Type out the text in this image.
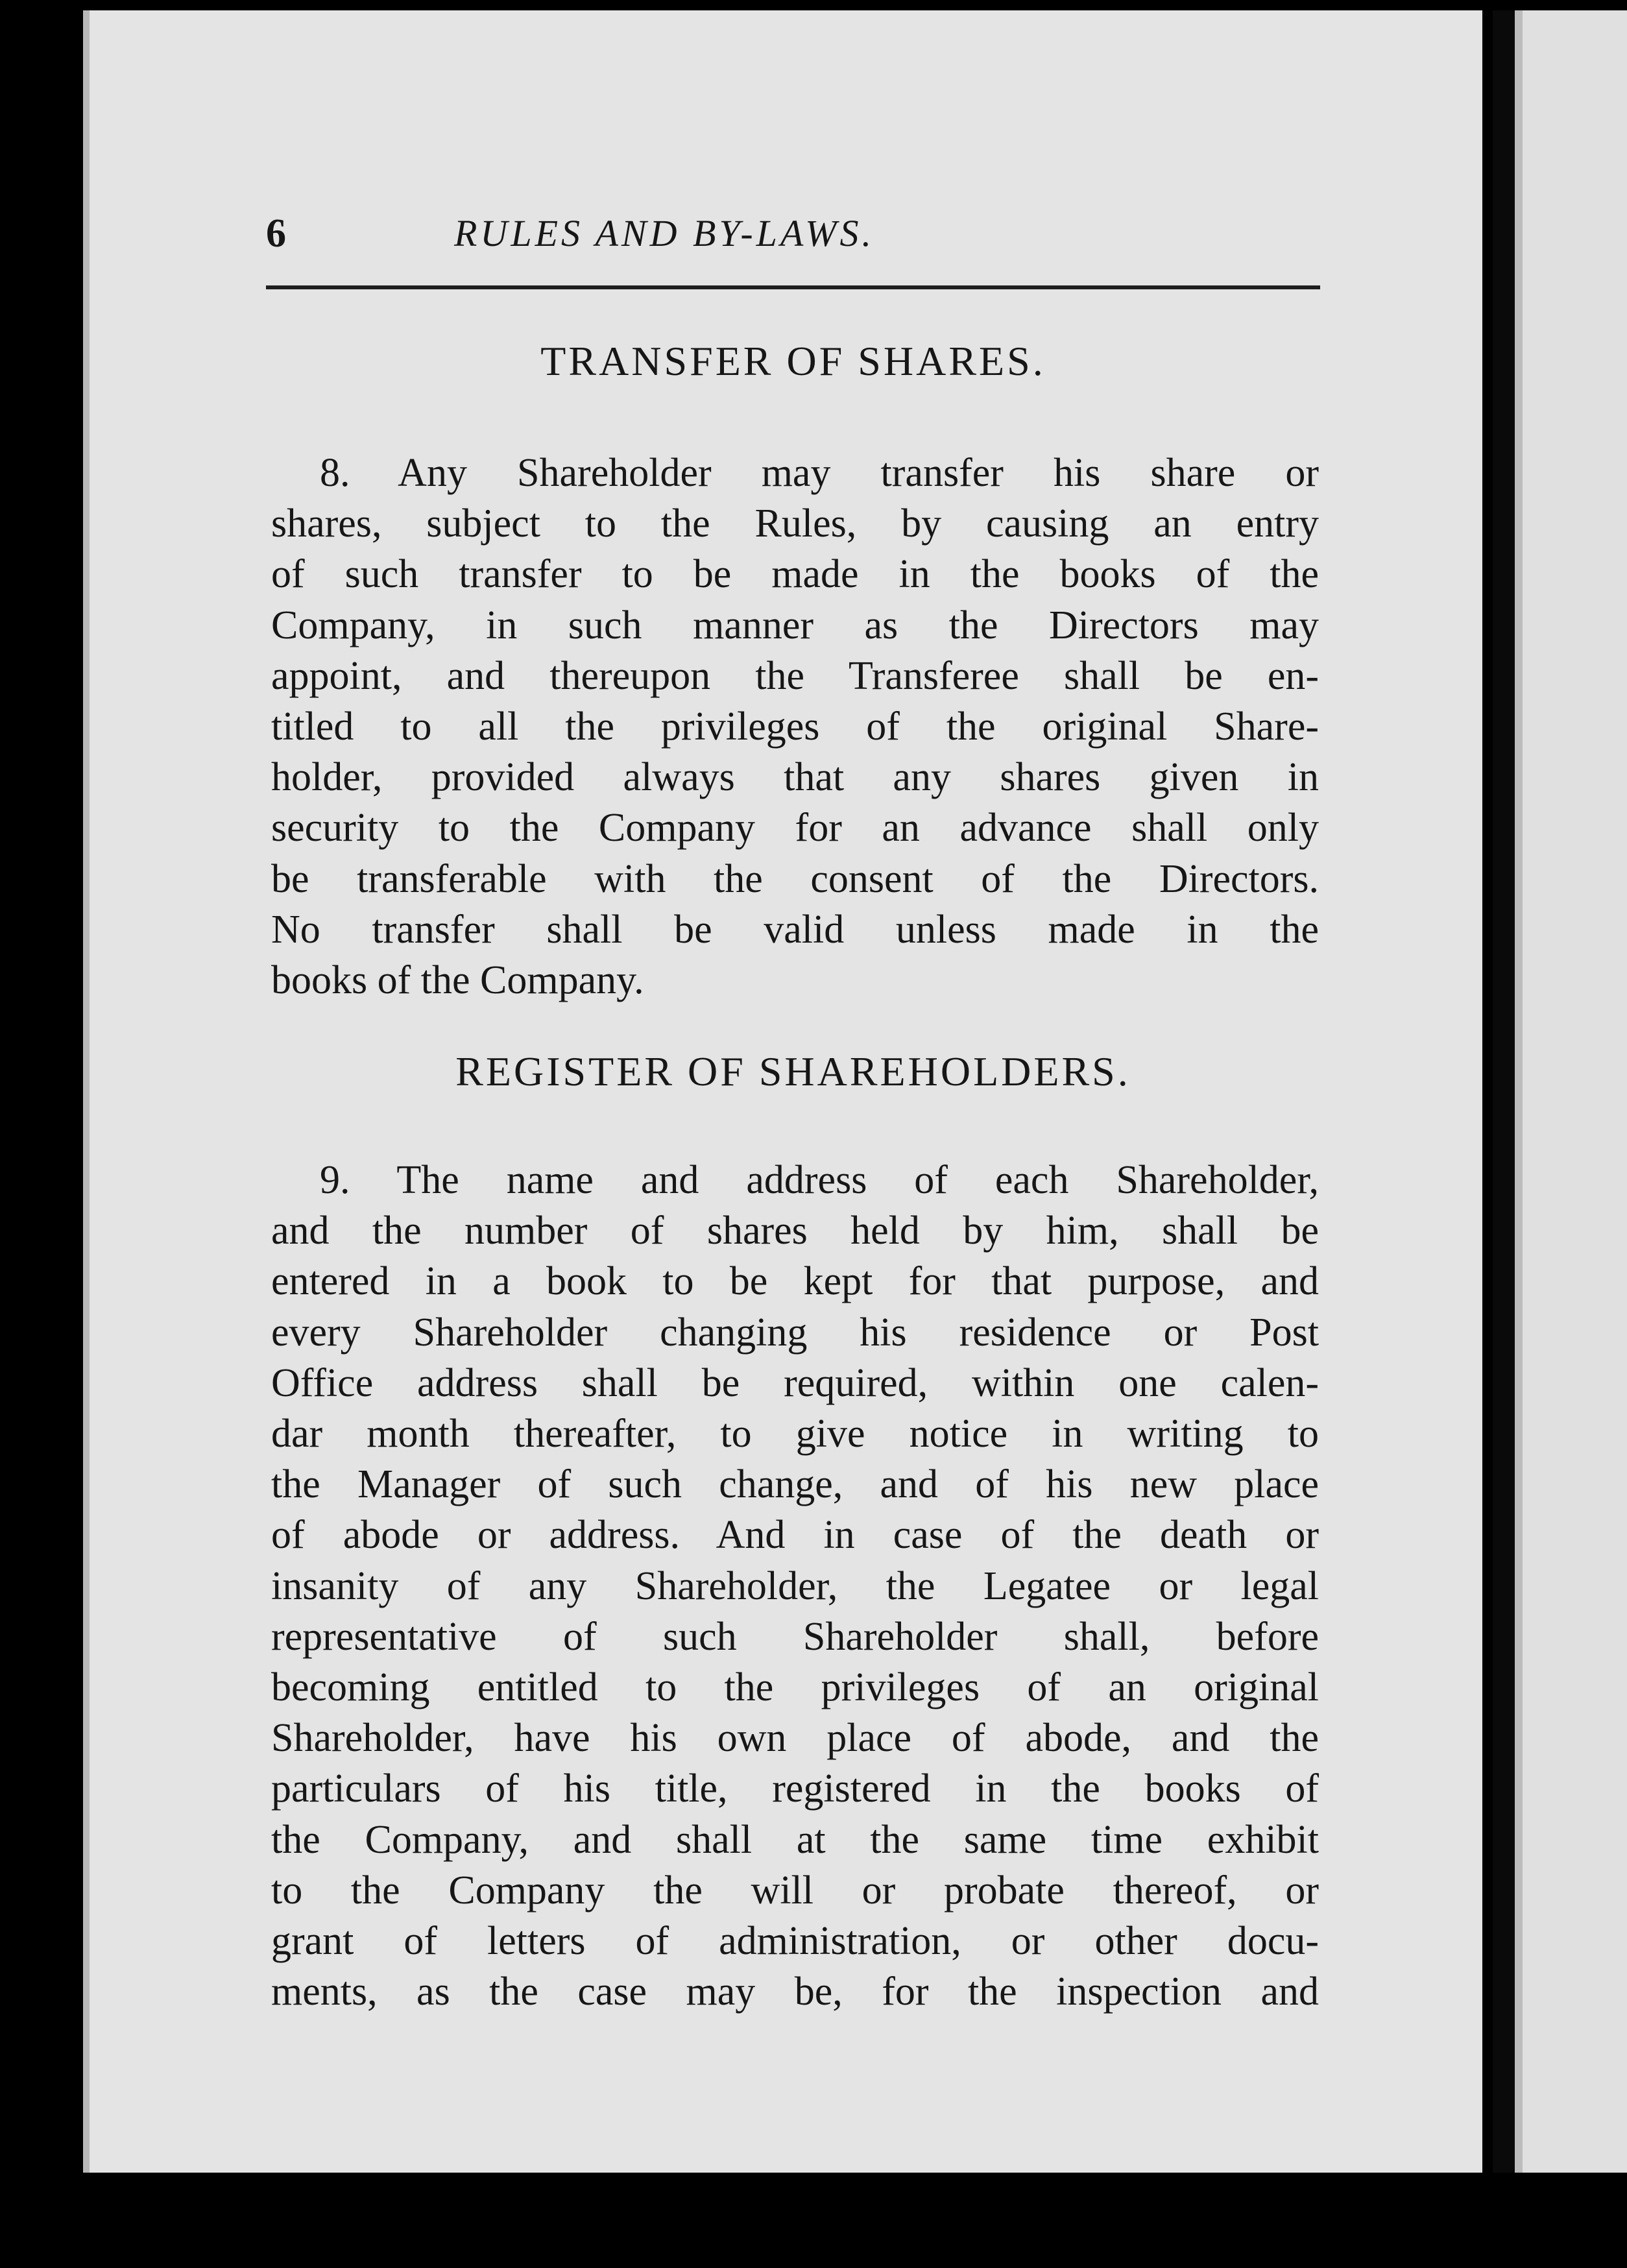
6	RULES AND BY-LAWS.
TRANSFER OF SHARES.
8. Any Shareholder may transfer his share or
shares, subject to the Rules, by causing an entry
of such transfer to be made in the books of the
Company, in such manner as the Directors may
appoint, and thereupon the Transferee shall be en-
titled to all the privileges of the original Share-
holder, provided always that any shares given in
security to the Company for an advance shall only
be transferable with the consent of the Directors.
No transfer shall be valid unless made in the
books of the Company.
REGISTER OF SHAREHOLDERS.
9. The name and address of each Shareholder,
and the number of shares held by him, shall be
entered in a book to be kept for that purpose, and
every Shareholder changing his residence or Post
Office address shall be required, within one calen-
dar month thereafter, to give notice in writing to
the Manager of such change, and of his new place
of abode or address. And in case of the death or
insanity of any Shareholder, the Legatee or legal
representative of such Shareholder shall, before
becoming entitled to the privileges of an original
Shareholder, have his own place of abode, and the
particulars of his title, registered in the books of
the Company, and shall at the same time exhibit
to the Company the will or probate thereof, or
grant of letters of administration, or other docu-
ments, as the case may be, for the inspection and
